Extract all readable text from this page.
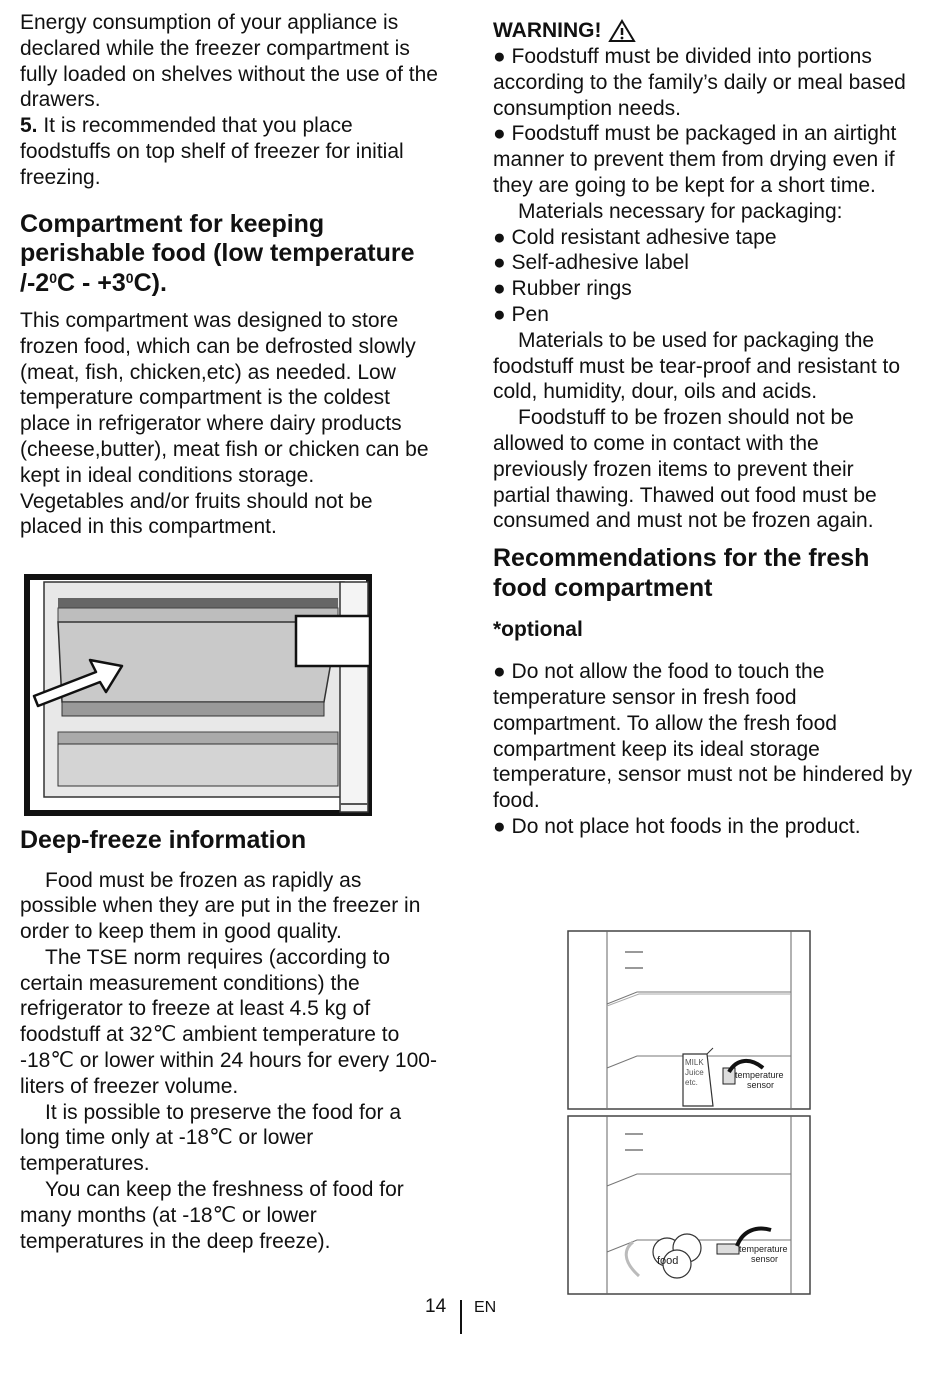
Energy consumption of your appliance is declared while the freezer compartment is fully loaded on shelves without the use of the drawers.

5. It is recommended that you place foodstuffs on top shelf of freezer for initial freezing.

Compartment for keeping perishable food (low temperature $/-2^0C - +3^0C$).

This compartment was designed to store frozen food, which can be defrosted slowly (meat, fish, chicken,etc) as needed. Low temperature compartment is the coldest place in refrigerator where dairy products (cheese,butter), meat fish or chicken can be kept in ideal conditions storage.

Vegetables and/or fruits should not be placed in this compartment.

Deep-freeze information

Food must be frozen as rapidly as possible when they are put in the freezer in order to keep them in good quality.

The TSE norm requires (according to certain measurement conditions) the refrigerator to freeze at least 4.5 kg of foodstuff at 32℃ ambient temperature to -18℃ or lower within 24 hours for every 100-liters of freezer volume.

It is possible to preserve the food for a long time only at -18℃ or lower temperatures.

You can keep the freshness of food for many months (at -18℃ or lower temperatures in the deep freeze).

WARNING!

● Foodstuff must be divided into portions according to the family’s daily or meal based consumption needs.

● Foodstuff must be packaged in an airtight manner to prevent them from drying even if they are going to be kept for a short time.

Materials necessary for packaging:

● Cold resistant adhesive tape

● Self-adhesive label

● Rubber rings

● Pen

Materials to be used for packaging the foodstuff must be tear-proof and resistant to cold, humidity, dour, oils and acids.

Foodstuff to be frozen should not be allowed to come in contact with the previously frozen items to prevent their partial thawing. Thawed out food must be consumed and must not be frozen again.

Recommendations for the fresh food compartment
*optional

● Do not allow the food to touch the temperature sensor in fresh food compartment. To allow the fresh food compartment keep its ideal storage temperature, sensor must not be hindered by food.

● Do not place hot foods in the product.

MILK
Juice
etc.
temperature
sensor
food
temperature
sensor
14 EN
